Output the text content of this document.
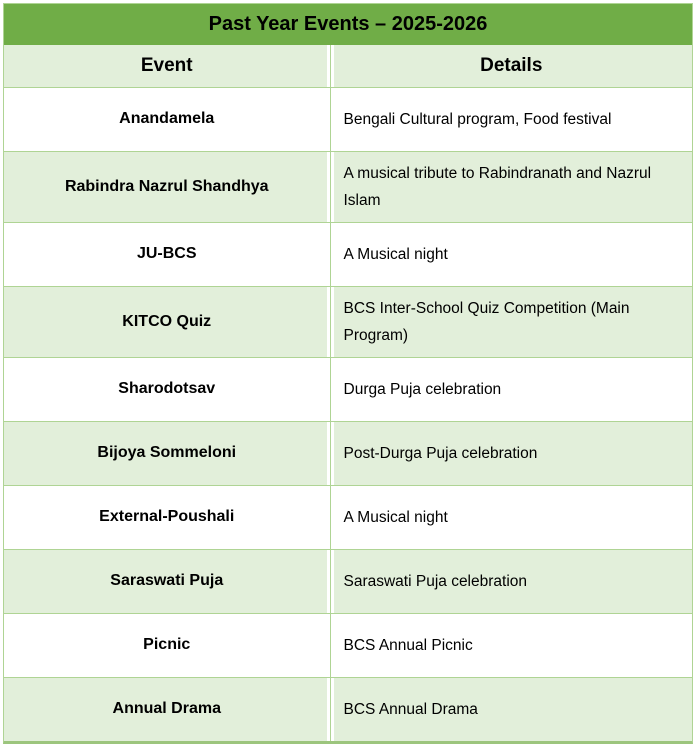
Past Year Events – 2025-2026
Event	Details
Anandamela	Bengali Cultural program, Food festival
Rabindra Nazrul Shandhya	A musical tribute to Rabindranath and Nazrul Islam
JU-BCS	A Musical night
KITCO Quiz	BCS Inter-School Quiz Competition (Main Program)
Sharodotsav	Durga Puja celebration
Bijoya Sommeloni	Post-Durga Puja celebration
External-Poushali	A Musical night
Saraswati Puja	Saraswati Puja celebration
Picnic	BCS Annual Picnic
Annual Drama	BCS Annual Drama
